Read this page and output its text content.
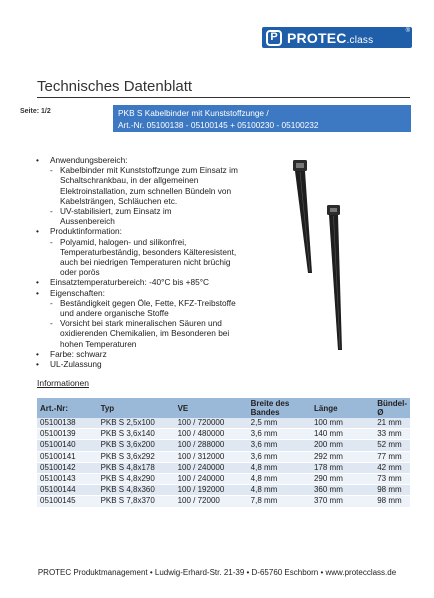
P PROTEC.class
®
Technisches Datenblatt
Seite: 1/2	PKB S Kabelbinder mit Kunststoffzunge /
Art.-Nr. 05100138 - 05100145 + 05100230 - 05100232
• Anwendungsbereich:
- Kabelbinder mit Kunststoffzunge zum Einsatz im
Schaltschrankbau, in der allgemeinen
Elektroinstallation, zum schnellen Bündeln von
Kabelsträngen, Schläuchen etc.
- UV-stabilisiert, zum Einsatz im
Aussenbereich
• Produktinformation:
- Polyamid, halogen- und silikonfrei,
Temperaturbeständig, besonders Kälteresistent,
auch bei niedrigen Temperaturen nicht brüchig
oder porös
• Einsatztemperaturbereich: -40°C bis +85°C
• Eigenschaften:
- Beständigkeit gegen Öle, Fette, KFZ-Treibstoffe
und andere organische Stoffe
- Vorsicht bei stark mineralischen Säuren und
oxidierenden Chemikalien, im Besonderen bei
hohen Temperaturen
• Farbe: schwarz
• UL-Zulassung
Informationen
Art.-Nr:	Typ	VE	Breite des Bandes	Länge	Bündel-Ø
05100138	PKB S 2,5x100	100 / 720000	2,5 mm	100 mm	21 mm
05100139	PKB S 3,6x140	100 / 480000	3,6 mm	140 mm	33 mm
05100140	PKB S 3,6x200	100 / 288000	3,6 mm	200 mm	52 mm
05100141	PKB S 3,6x292	100 / 312000	3,6 mm	292 mm	77 mm
05100142	PKB S 4,8x178	100 / 240000	4,8 mm	178 mm	42 mm
05100143	PKB S 4,8x290	100 / 240000	4,8 mm	290 mm	73 mm
05100144	PKB S 4,8x360	100 / 192000	4,8 mm	360 mm	98 mm
05100145	PKB S 7,8x370	100 / 72000	7,8 mm	370 mm	98 mm
PROTEC Produktmanagement • Ludwig-Erhard-Str. 21-39 • D-65760 Eschborn • www.protecclass.de
